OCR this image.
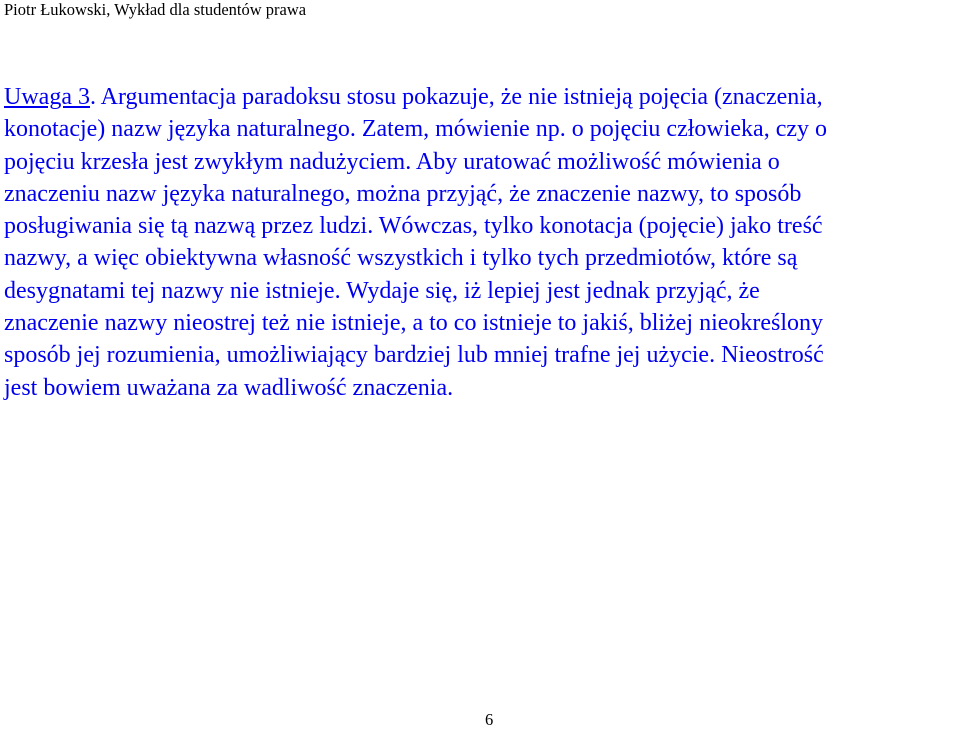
Piotr Łukowski, Wykład dla studentów prawa
Uwaga 3. Argumentacja paradoksu stosu pokazuje, że nie istnieją pojęcia (znaczenia,
konotacje) nazw języka naturalnego. Zatem, mówienie np. o pojęciu człowieka, czy o
pojęciu krzesła jest zwykłym nadużyciem. Aby uratować możliwość mówienia o
znaczeniu nazw języka naturalnego, można przyjąć, że znaczenie nazwy, to sposób
posługiwania się tą nazwą przez ludzi. Wówczas, tylko konotacja (pojęcie) jako treść
nazwy, a więc obiektywna własność wszystkich i tylko tych przedmiotów, które są
desygnatami tej nazwy nie istnieje. Wydaje się, iż lepiej jest jednak przyjąć, że
znaczenie nazwy nieostrej też nie istnieje, a to co istnieje to jakiś, bliżej nieokreślony
sposób jej rozumienia, umożliwiający bardziej lub mniej trafne jej użycie. Nieostrość
jest bowiem uważana za wadliwość znaczenia.
6
